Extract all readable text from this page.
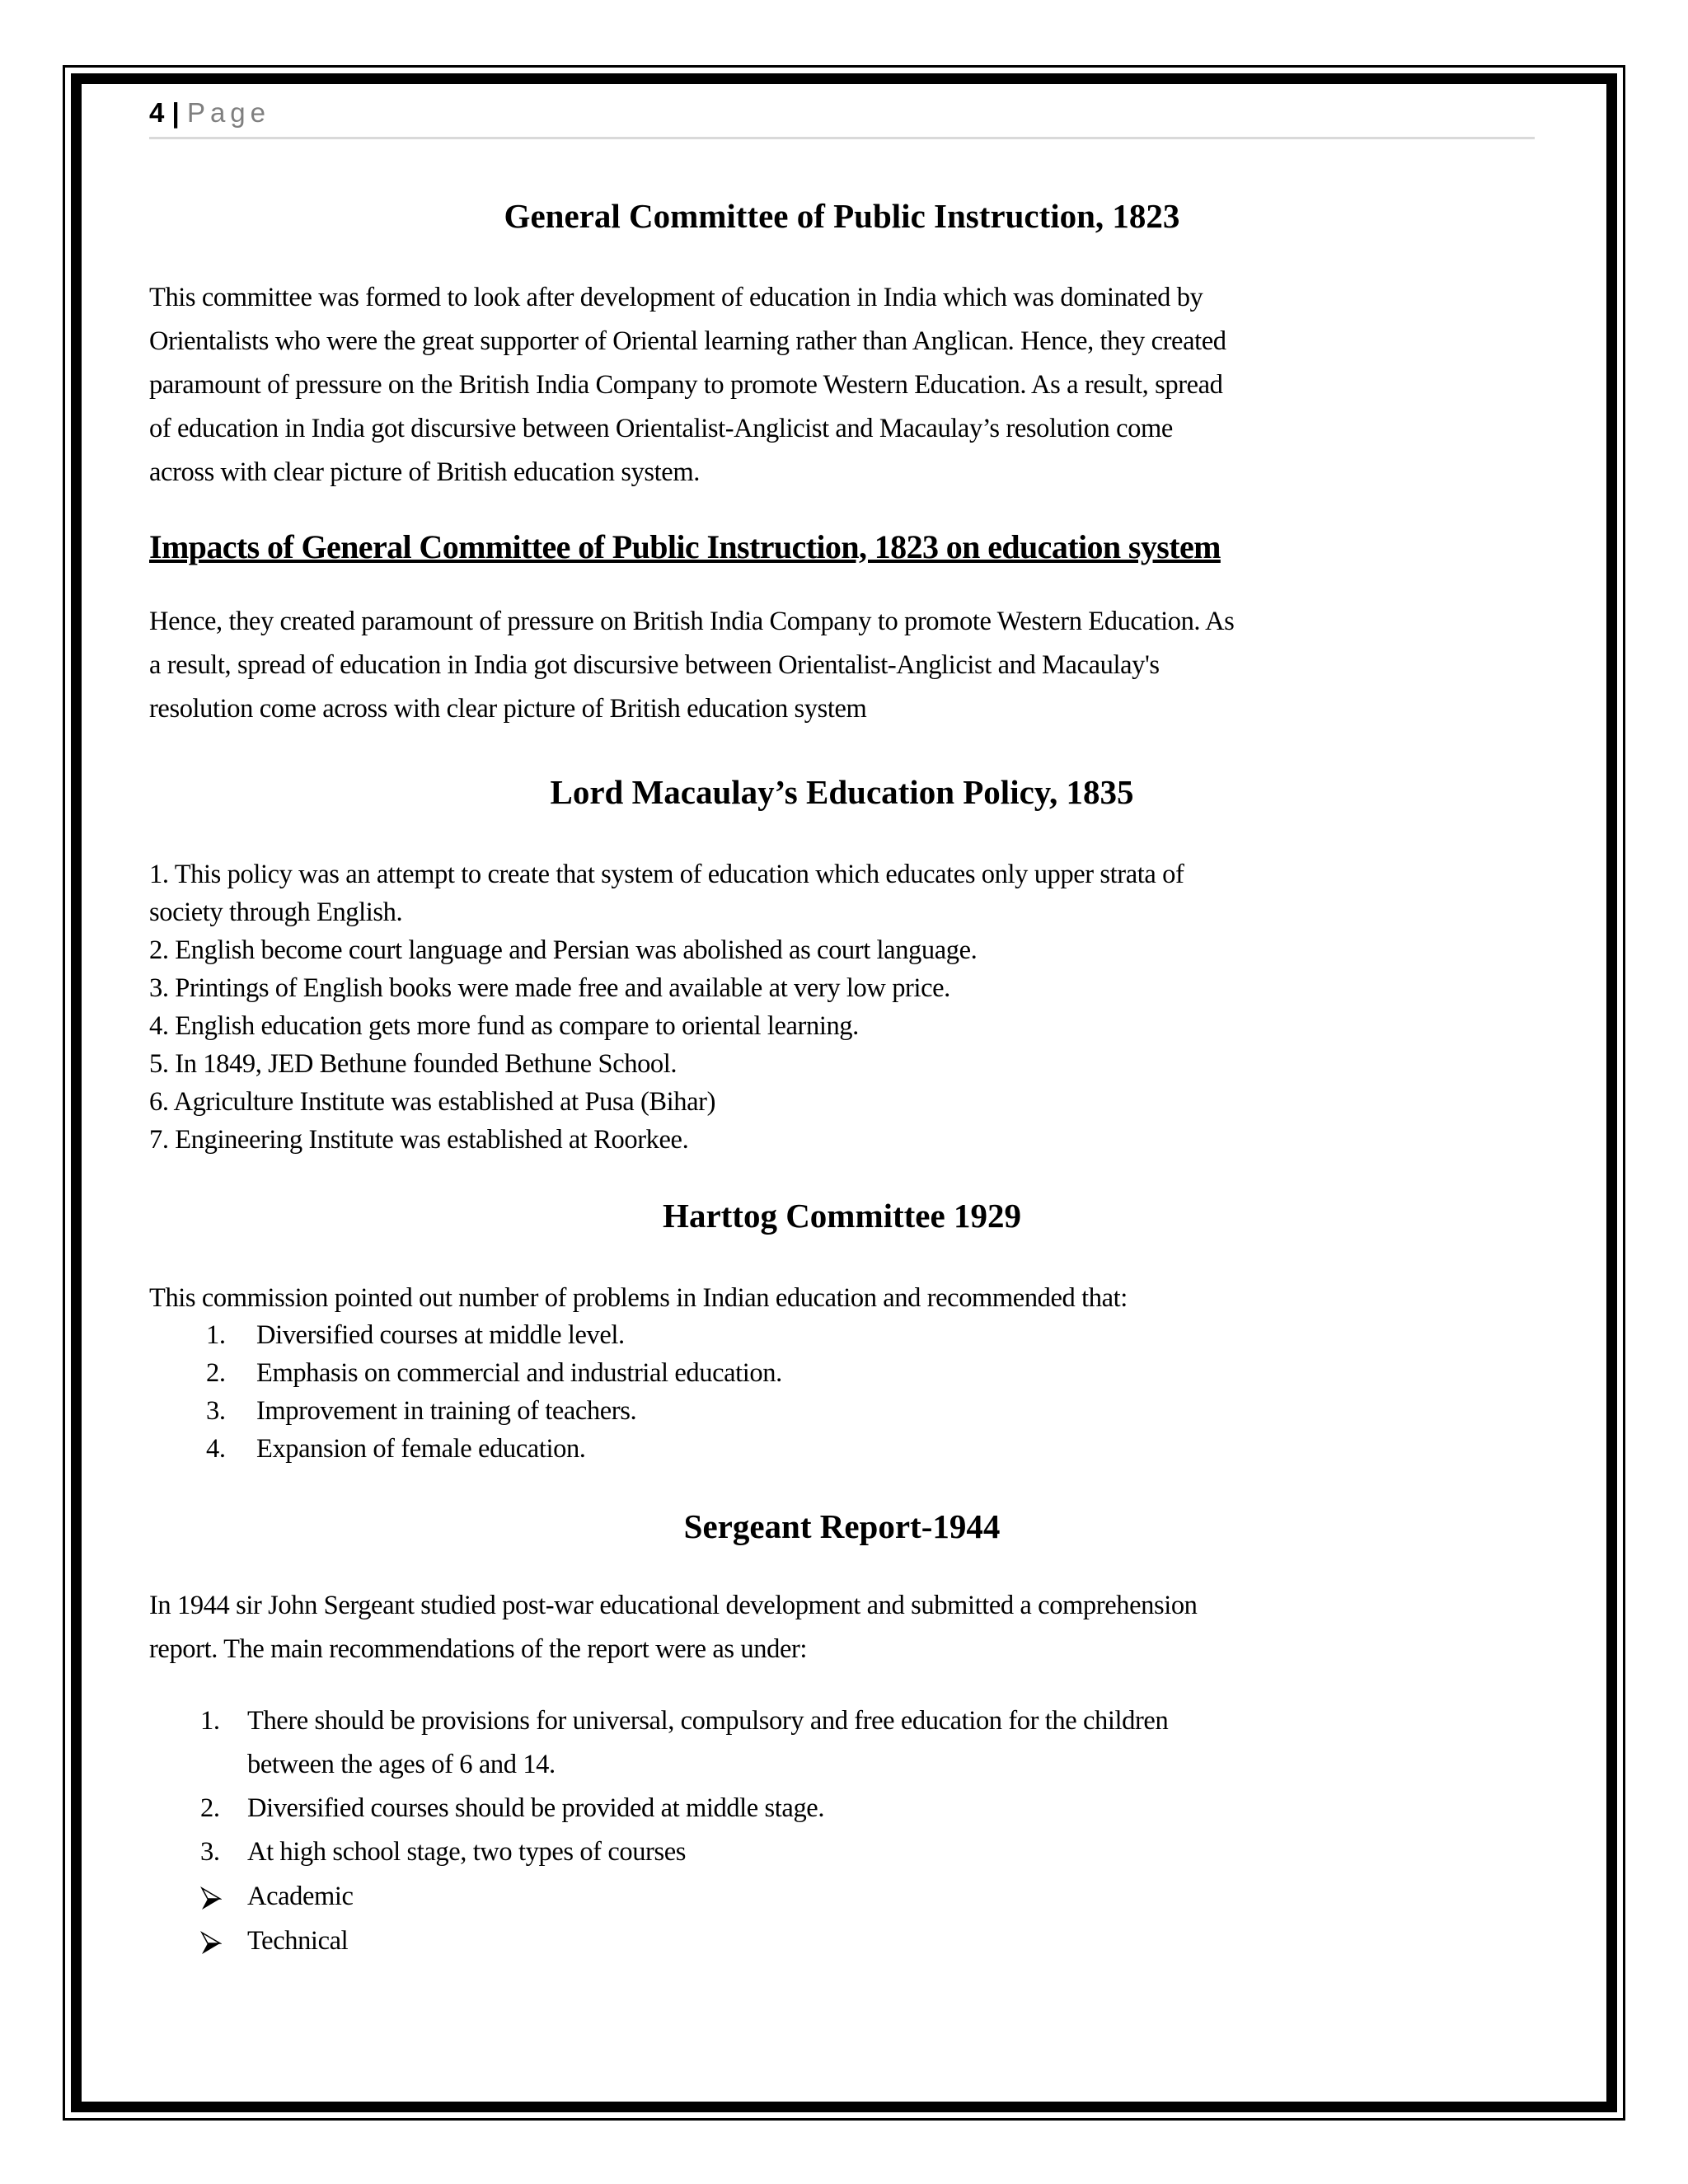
4 | Page
General Committee of Public Instruction, 1823
This committee was formed to look after development of education in India which was dominated by
Orientalists who were the great supporter of Oriental learning rather than Anglican. Hence, they created
paramount of pressure on the British India Company to promote Western Education. As a result, spread
of education in India got discursive between Orientalist-Anglicist and Macaulay’s resolution come
across with clear picture of British education system.
Impacts of General Committee of Public Instruction, 1823 on education system
Hence, they created paramount of pressure on British India Company to promote Western Education. As
a result, spread of education in India got discursive between Orientalist-Anglicist and Macaulay's
resolution come across with clear picture of British education system
Lord Macaulay’s Education Policy, 1835
1. This policy was an attempt to create that system of education which educates only upper strata of
society through English.
2. English become court language and Persian was abolished as court language.
3. Printings of English books were made free and available at very low price.
4. English education gets more fund as compare to oriental learning.
5. In 1849, JED Bethune founded Bethune School.
6. Agriculture Institute was established at Pusa (Bihar)
7. Engineering Institute was established at Roorkee.
Harttog Committee 1929
This commission pointed out number of problems in Indian education and recommended that:
1. Diversified courses at middle level.
2. Emphasis on commercial and industrial education.
3. Improvement in training of teachers.
4. Expansion of female education.
Sergeant Report-1944
In 1944 sir John Sergeant studied post-war educational development and submitted a comprehension
report. The main recommendations of the report were as under:
1. There should be provisions for universal, compulsory and free education for the children
between the ages of 6 and 14.
2. Diversified courses should be provided at middle stage.
3. At high school stage, two types of courses
Academic
Technical
